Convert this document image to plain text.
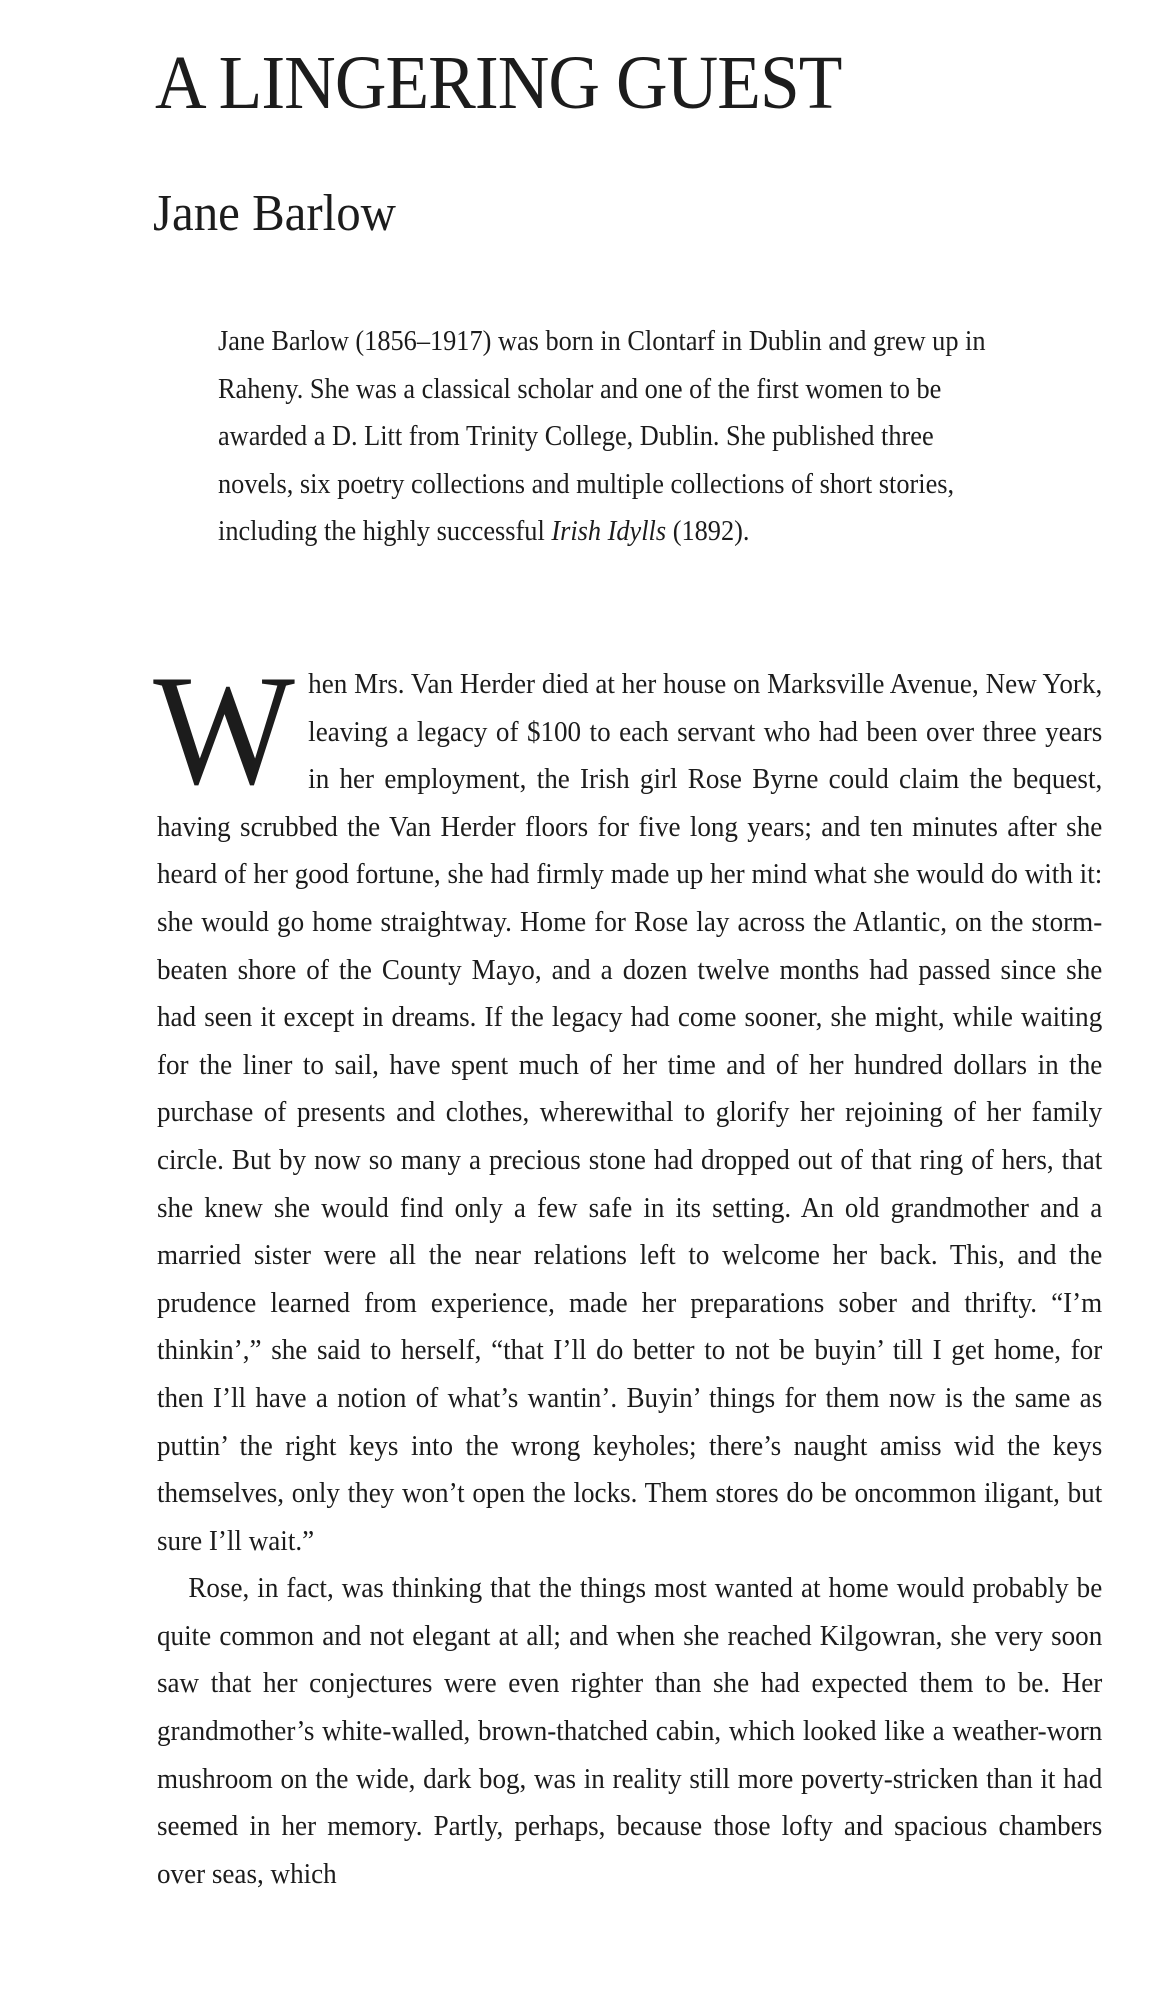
A LINGERING GUEST
Jane Barlow

Jane Barlow (1856–1917) was born in Clontarf in Dublin and grew up in Raheny. She was a classical scholar and one of the first women to be awarded a D. Litt from Trinity College, Dublin. She published three novels, six poetry collections and multiple collections of short stories, including the highly successful Irish Idylls (1892).

When Mrs. Van Herder died at her house on Marksville Avenue, New York, leaving a legacy of $100 to each servant who had been over three years in her employment, the Irish girl Rose Byrne could claim the bequest, having scrubbed the Van Herder floors for five long years; and ten minutes after she heard of her good fortune, she had firmly made up her mind what she would do with it: she would go home straightway. Home for Rose lay across the Atlantic, on the storm-beaten shore of the County Mayo, and a dozen twelve months had passed since she had seen it except in dreams. If the legacy had come sooner, she might, while waiting for the liner to sail, have spent much of her time and of her hundred dollars in the purchase of presents and clothes, wherewithal to glorify her rejoining of her family circle. But by now so many a precious stone had dropped out of that ring of hers, that she knew she would find only a few safe in its setting. An old grandmother and a married sister were all the near relations left to welcome her back. This, and the prudence learned from experience, made her preparations sober and thrifty. “I’m thinkin’,” she said to herself, “that I’ll do better to not be buyin’ till I get home, for then I’ll have a notion of what’s wantin’. Buyin’ things for them now is the same as puttin’ the right keys into the wrong keyholes; there’s naught amiss wid the keys themselves, only they won’t open the locks. Them stores do be oncommon iligant, but sure I’ll wait.”

Rose, in fact, was thinking that the things most wanted at home would probably be quite common and not elegant at all; and when she reached Kilgowran, she very soon saw that her conjectures were even righter than she had expected them to be. Her grandmother’s white-walled, brown-thatched cabin, which looked like a weather-worn mushroom on the wide, dark bog, was in reality still more poverty-stricken than it had seemed in her memory. Partly, perhaps, because those lofty and spacious chambers over seas, which
